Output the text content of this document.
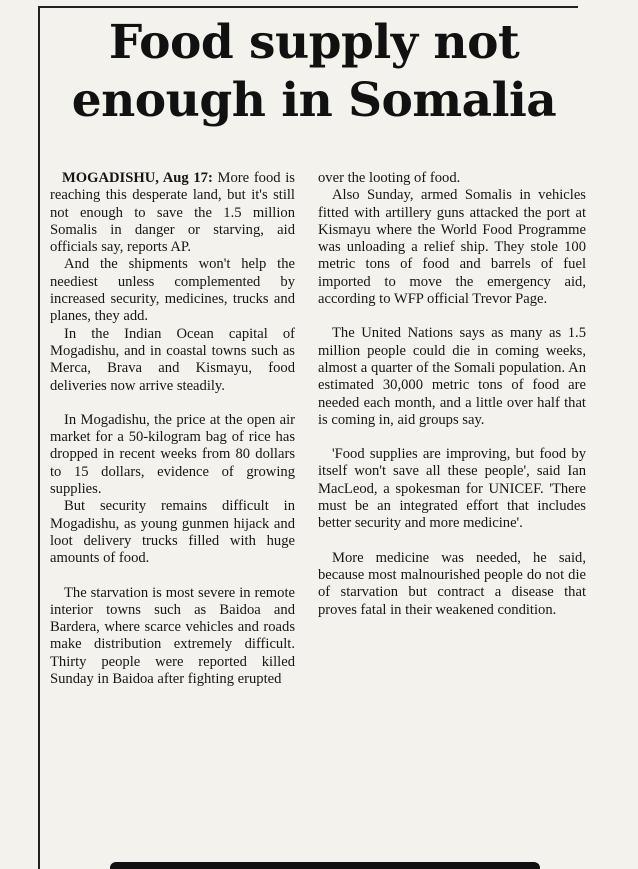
Food supply not
enough in Somalia

MOGADISHU, Aug 17: More food is reaching this desperate land, but it's still not enough to save the 1.5 million Somalis in danger or starving, aid officials say, reports AP.

And the shipments won't help the neediest unless complemented by increased security, medicines, trucks and planes, they add.

In the Indian Ocean capital of Mogadishu, and in coastal towns such as Merca, Brava and Kismayu, food deliveries now arrive steadily.

In Mogadishu, the price at the open air market for a 50-kilogram bag of rice has dropped in recent weeks from 80 dollars to 15 dollars, evidence of growing supplies.

But security remains difficult in Mogadishu, as young gunmen hijack and loot delivery trucks filled with huge amounts of food.

The starvation is most severe in remote interior towns such as Baidoa and Bardera, where scarce vehicles and roads make distribution extremely difficult. Thirty people were reported killed Sunday in Baidoa after fighting erupted

over the looting of food.

Also Sunday, armed Somalis in vehicles fitted with artillery guns attacked the port at Kismayu where the World Food Programme was unloading a relief ship. They stole 100 metric tons of food and barrels of fuel imported to move the emergency aid, according to WFP official Trevor Page.

The United Nations says as many as 1.5 million people could die in coming weeks, almost a quarter of the Somali population. An estimated 30,000 metric tons of food are needed each month, and a little over half that is coming in, aid groups say.

'Food supplies are improving, but food by itself won't save all these people', said Ian MacLeod, a spokesman for UNICEF. 'There must be an integrated effort that includes better security and more medicine'.

More medicine was needed, he said, because most malnourished people do not die of starvation but contract a disease that proves fatal in their weakened condition.
